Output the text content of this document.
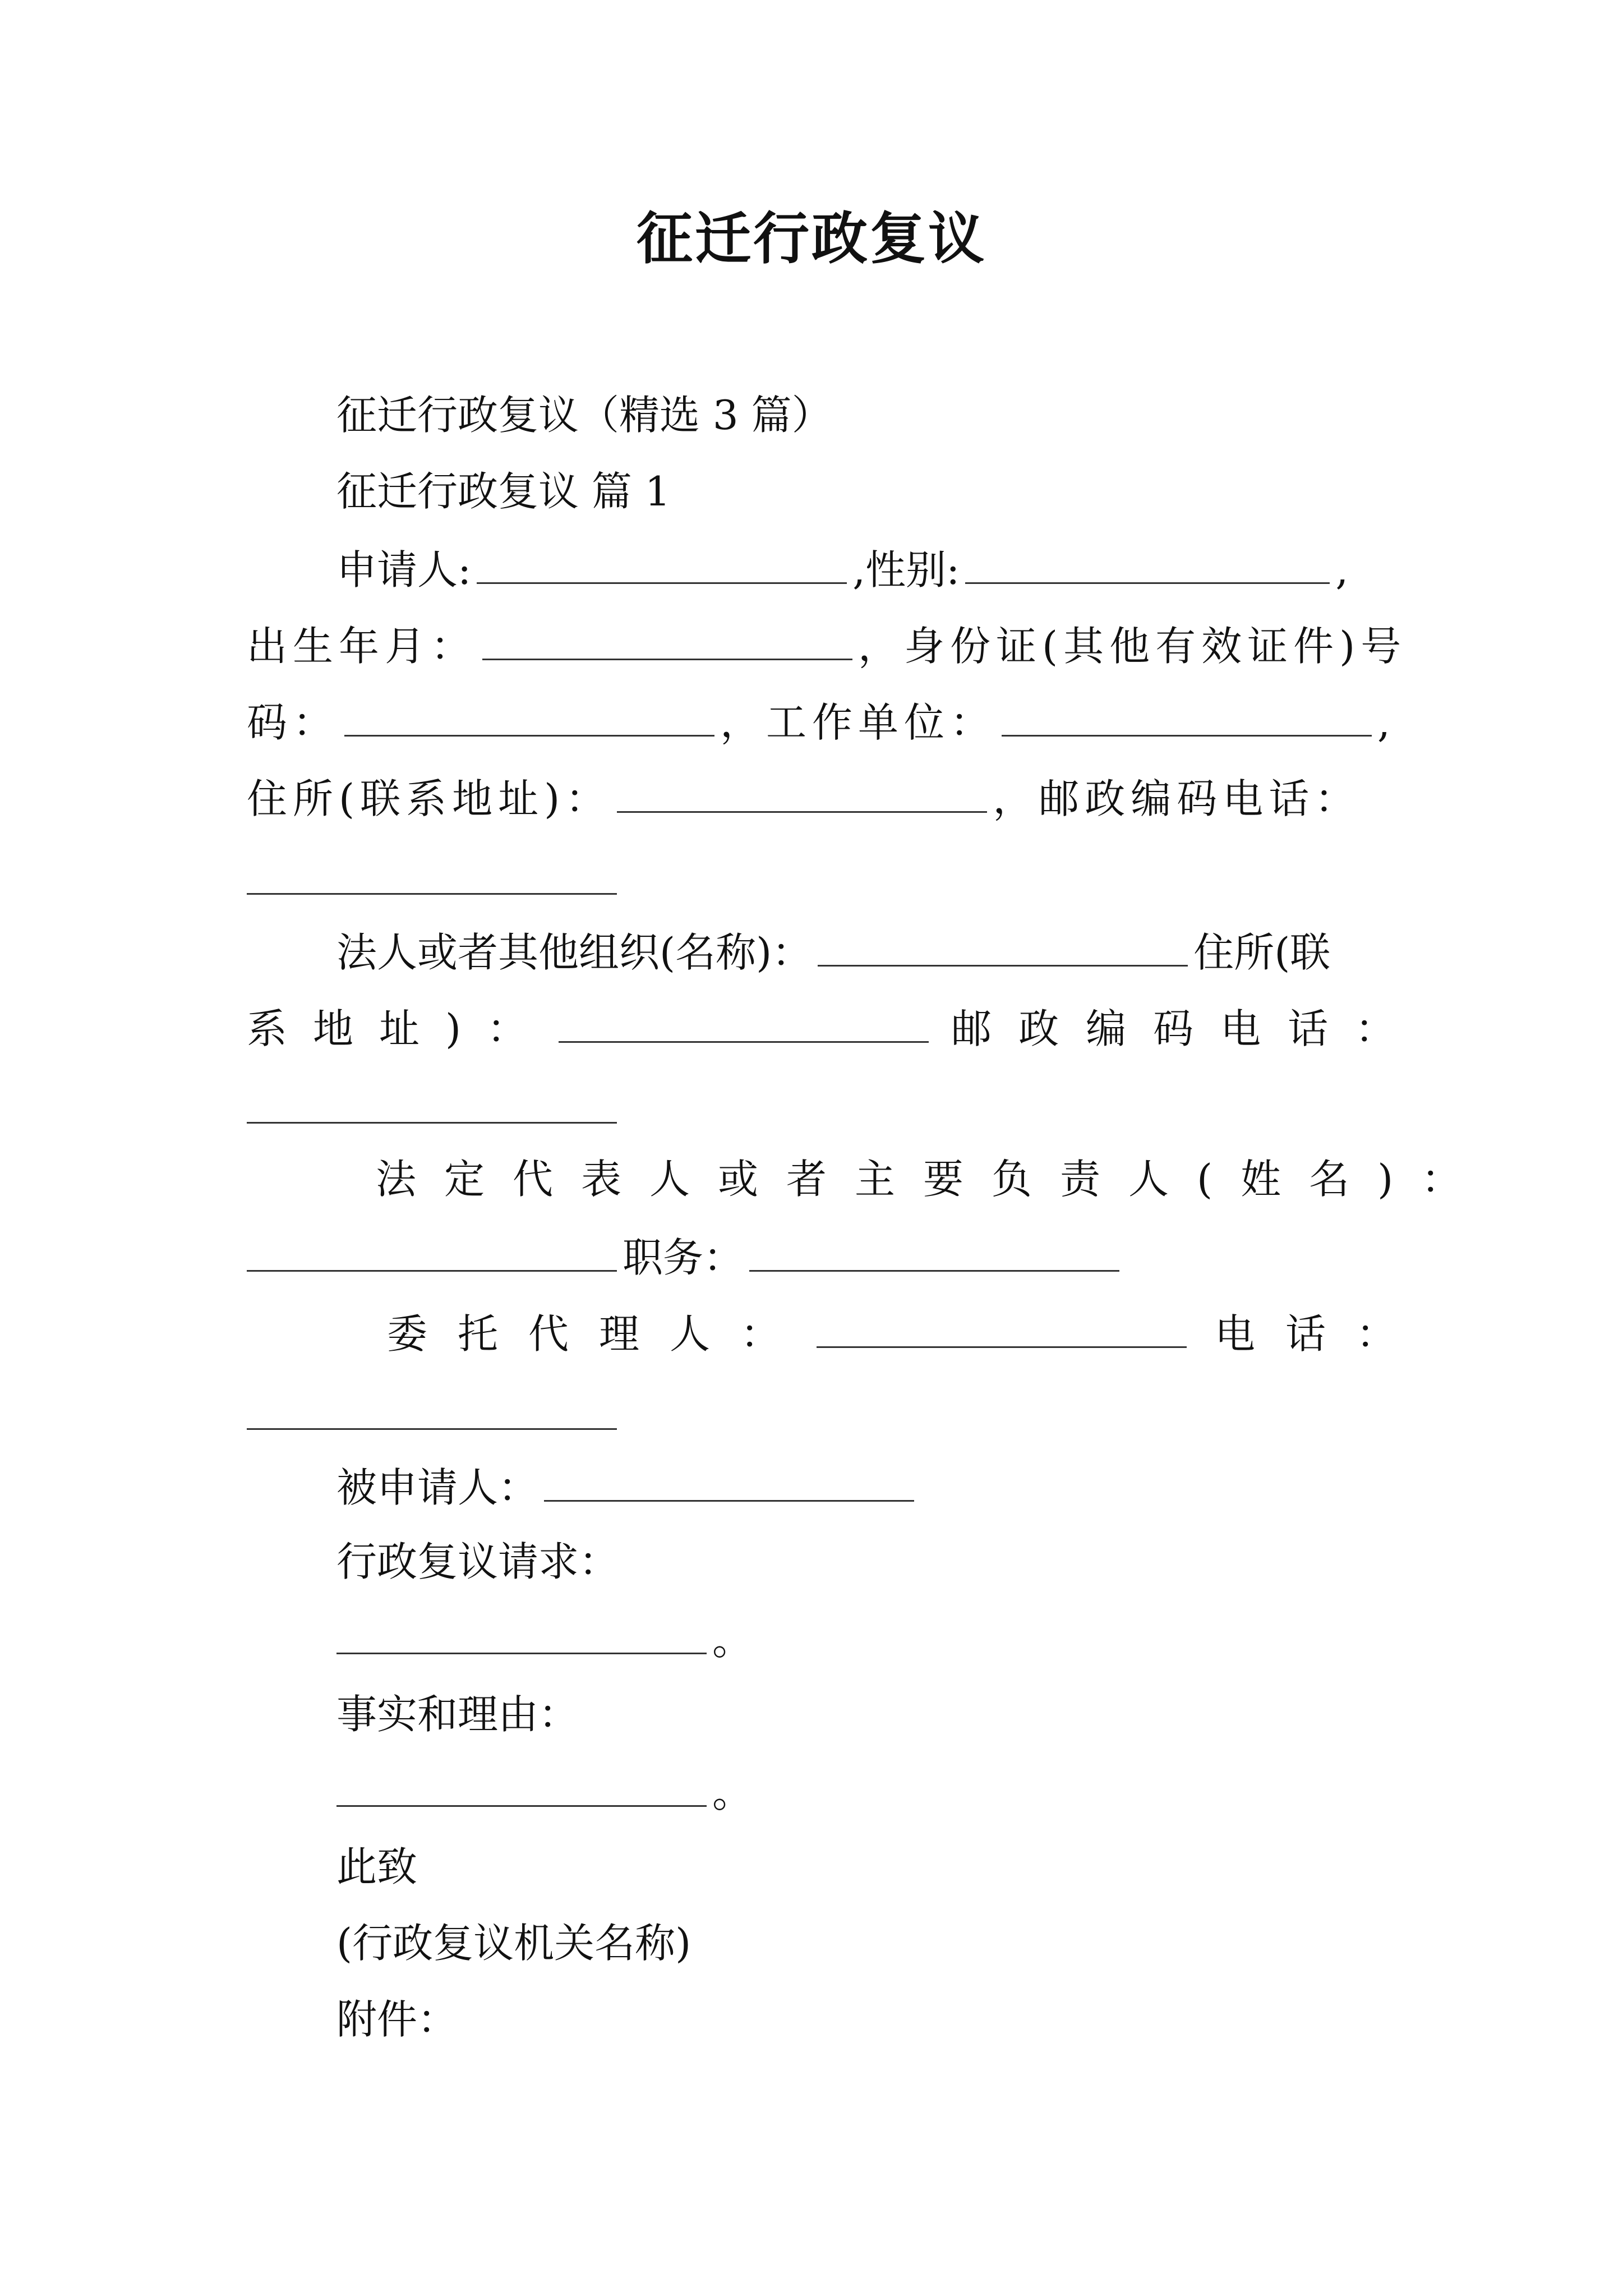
征迁行政复议
征迁行政复议（精选 3 篇）
征迁行政复议 篇 1
申请人:	,性别:	,
出生年月：	，身份证(其他有效证件)号
码：	，工作单位：	,
住所(联系地址)：	，邮政编码电话：
法人或者其他组织(名称)：	住所(联
系地址)：	邮政编码电话：
法定代表人或者主要负责人(姓名)：
职务：
委托代理人：	电话：
被申请人：
行政复议请求：
。
事实和理由：
。
此致
(行政复议机关名称)
附件：
